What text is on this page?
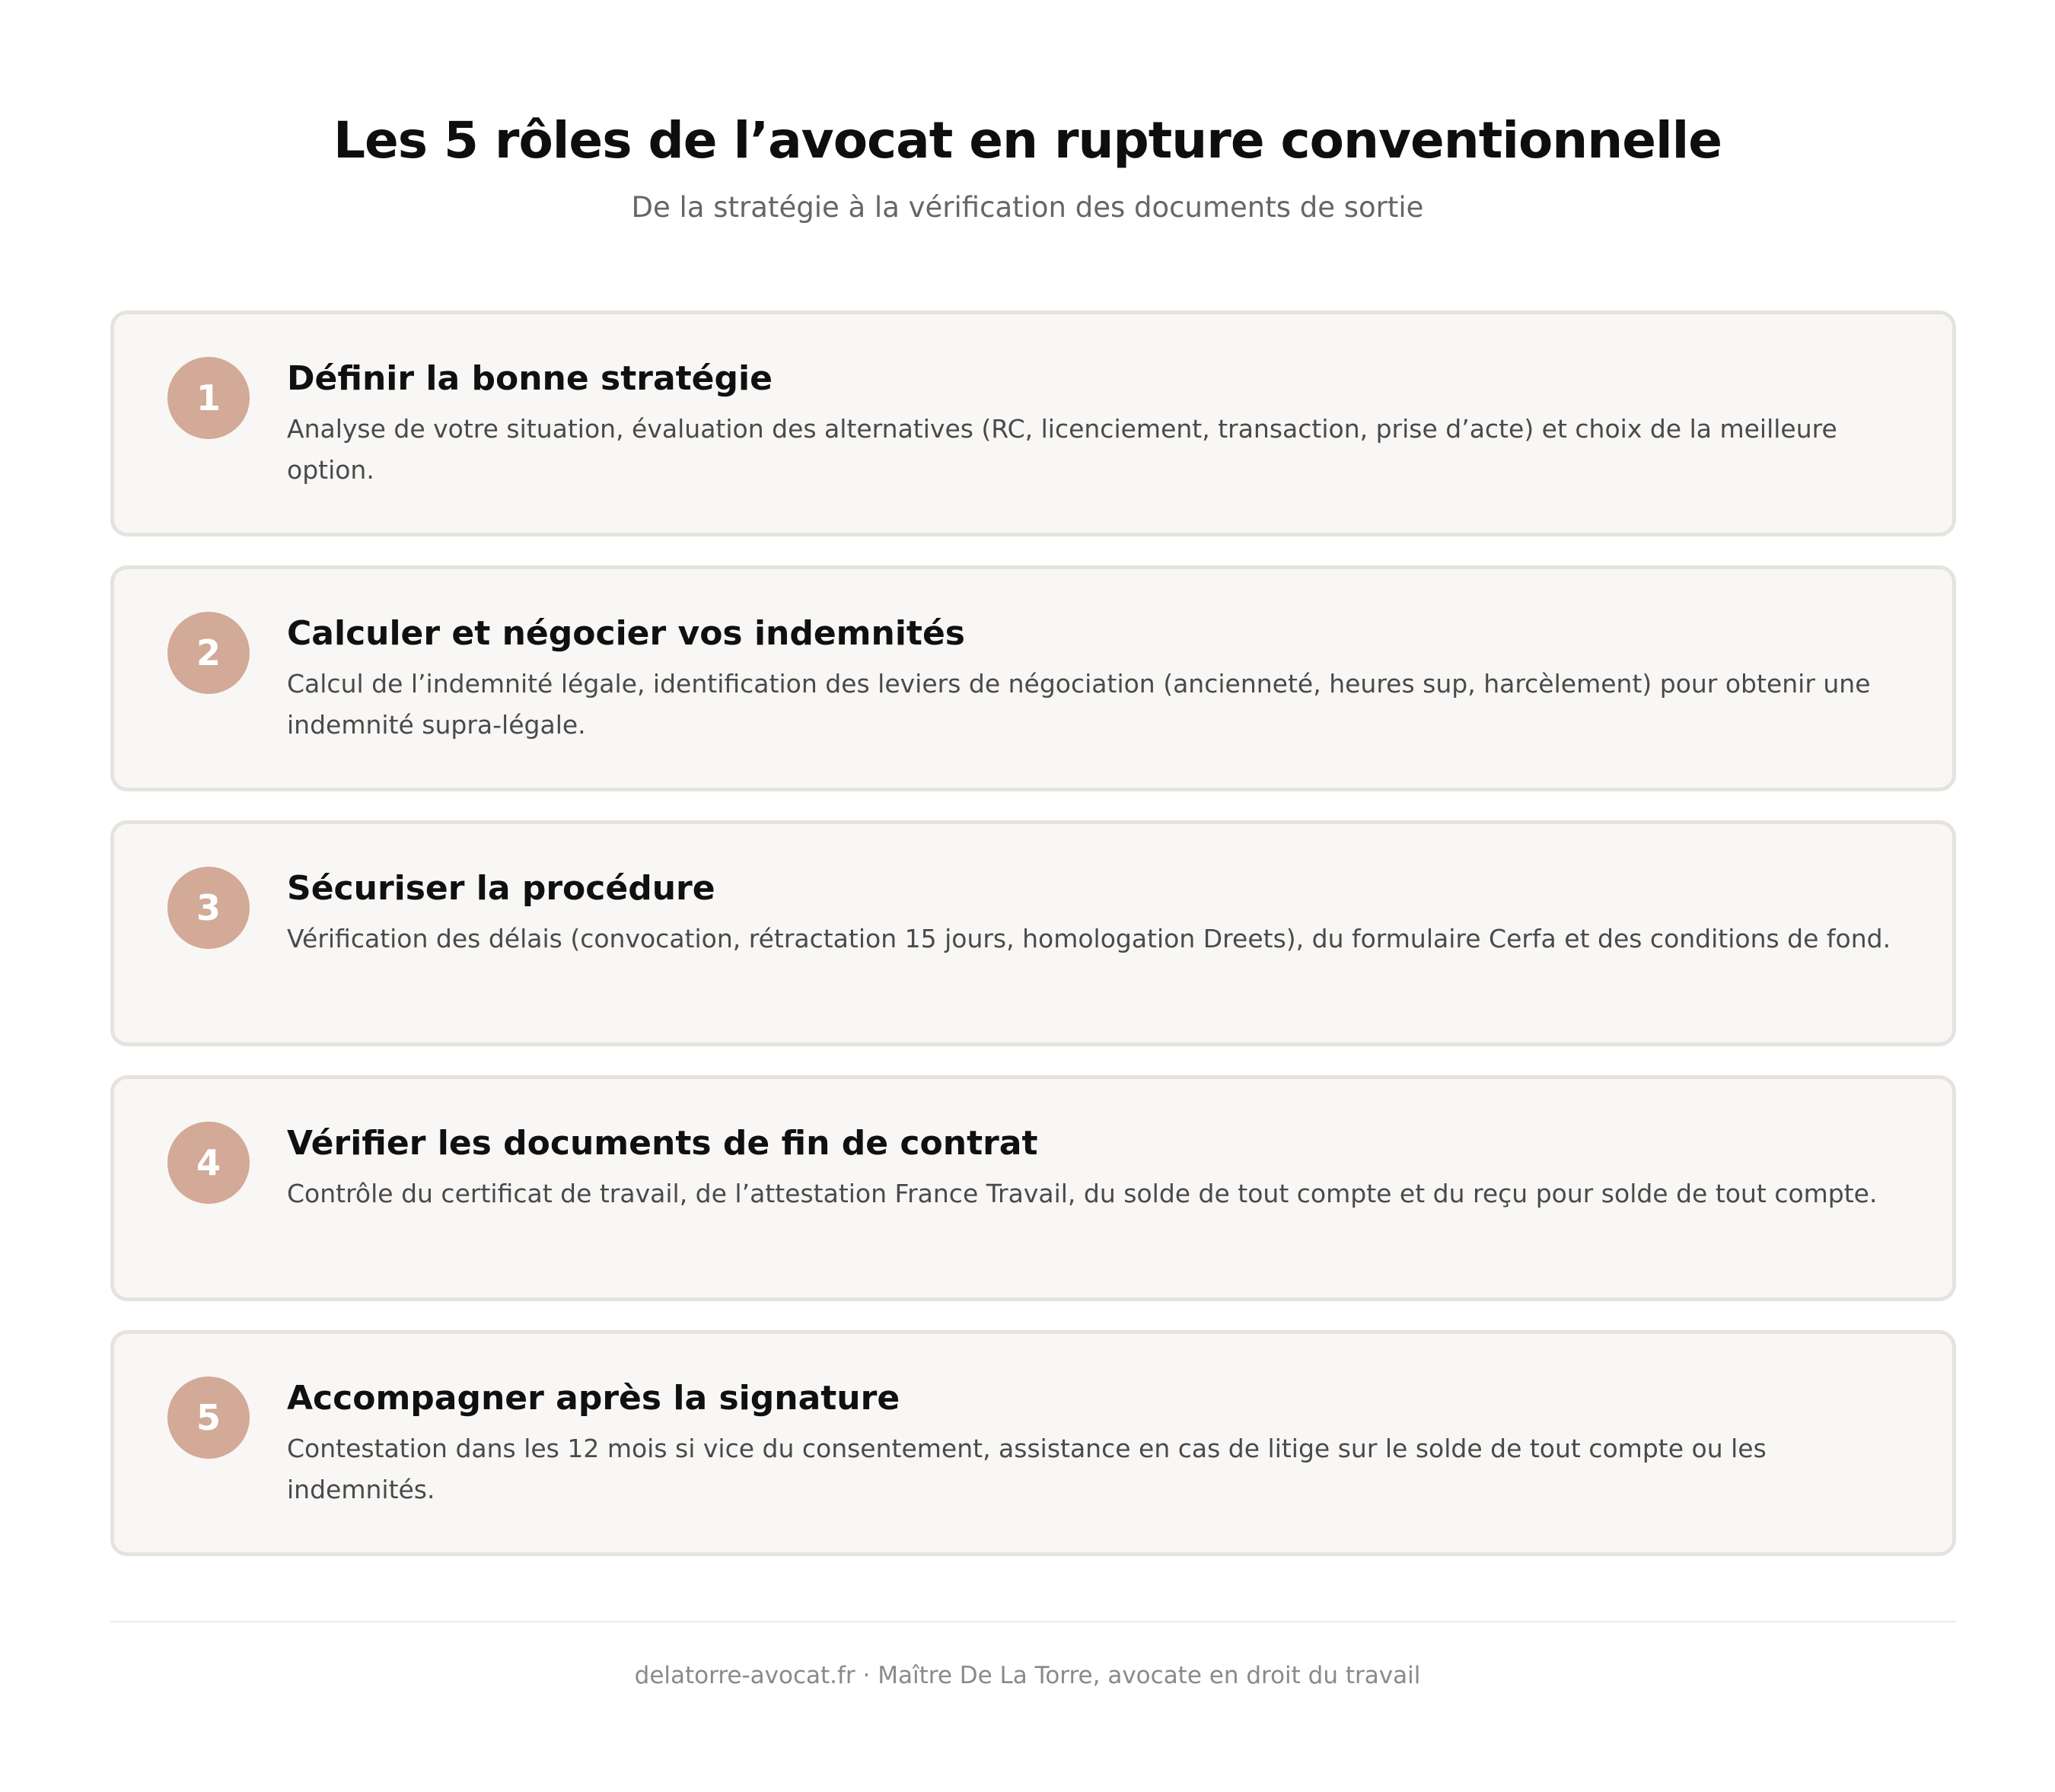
Les 5 rôles de l’avocat en rupture conventionnelle

De la stratégie à la vérification des documents de sortie

1	Définir la bonne stratégie

Analyse de votre situation, évaluation des alternatives (RC, licenciement, transaction, prise d’acte) et choix de la meilleure option.

2	Calculer et négocier vos indemnités

Calcul de l’indemnité légale, identification des leviers de négociation (ancienneté, heures sup, harcèlement) pour obtenir une indemnité supra-légale.

3	Sécuriser la procédure

Vérification des délais (convocation, rétractation 15 jours, homologation Dreets), du formulaire Cerfa et des conditions de fond.

4	Vérifier les documents de fin de contrat

Contrôle du certificat de travail, de l’attestation France Travail, du solde de tout compte et du reçu pour solde de tout compte.

5	Accompagner après la signature

Contestation dans les 12 mois si vice du consentement, assistance en cas de litige sur le solde de tout compte ou les indemnités.

delatorre-avocat.fr · Maître De La Torre, avocate en droit du travail
